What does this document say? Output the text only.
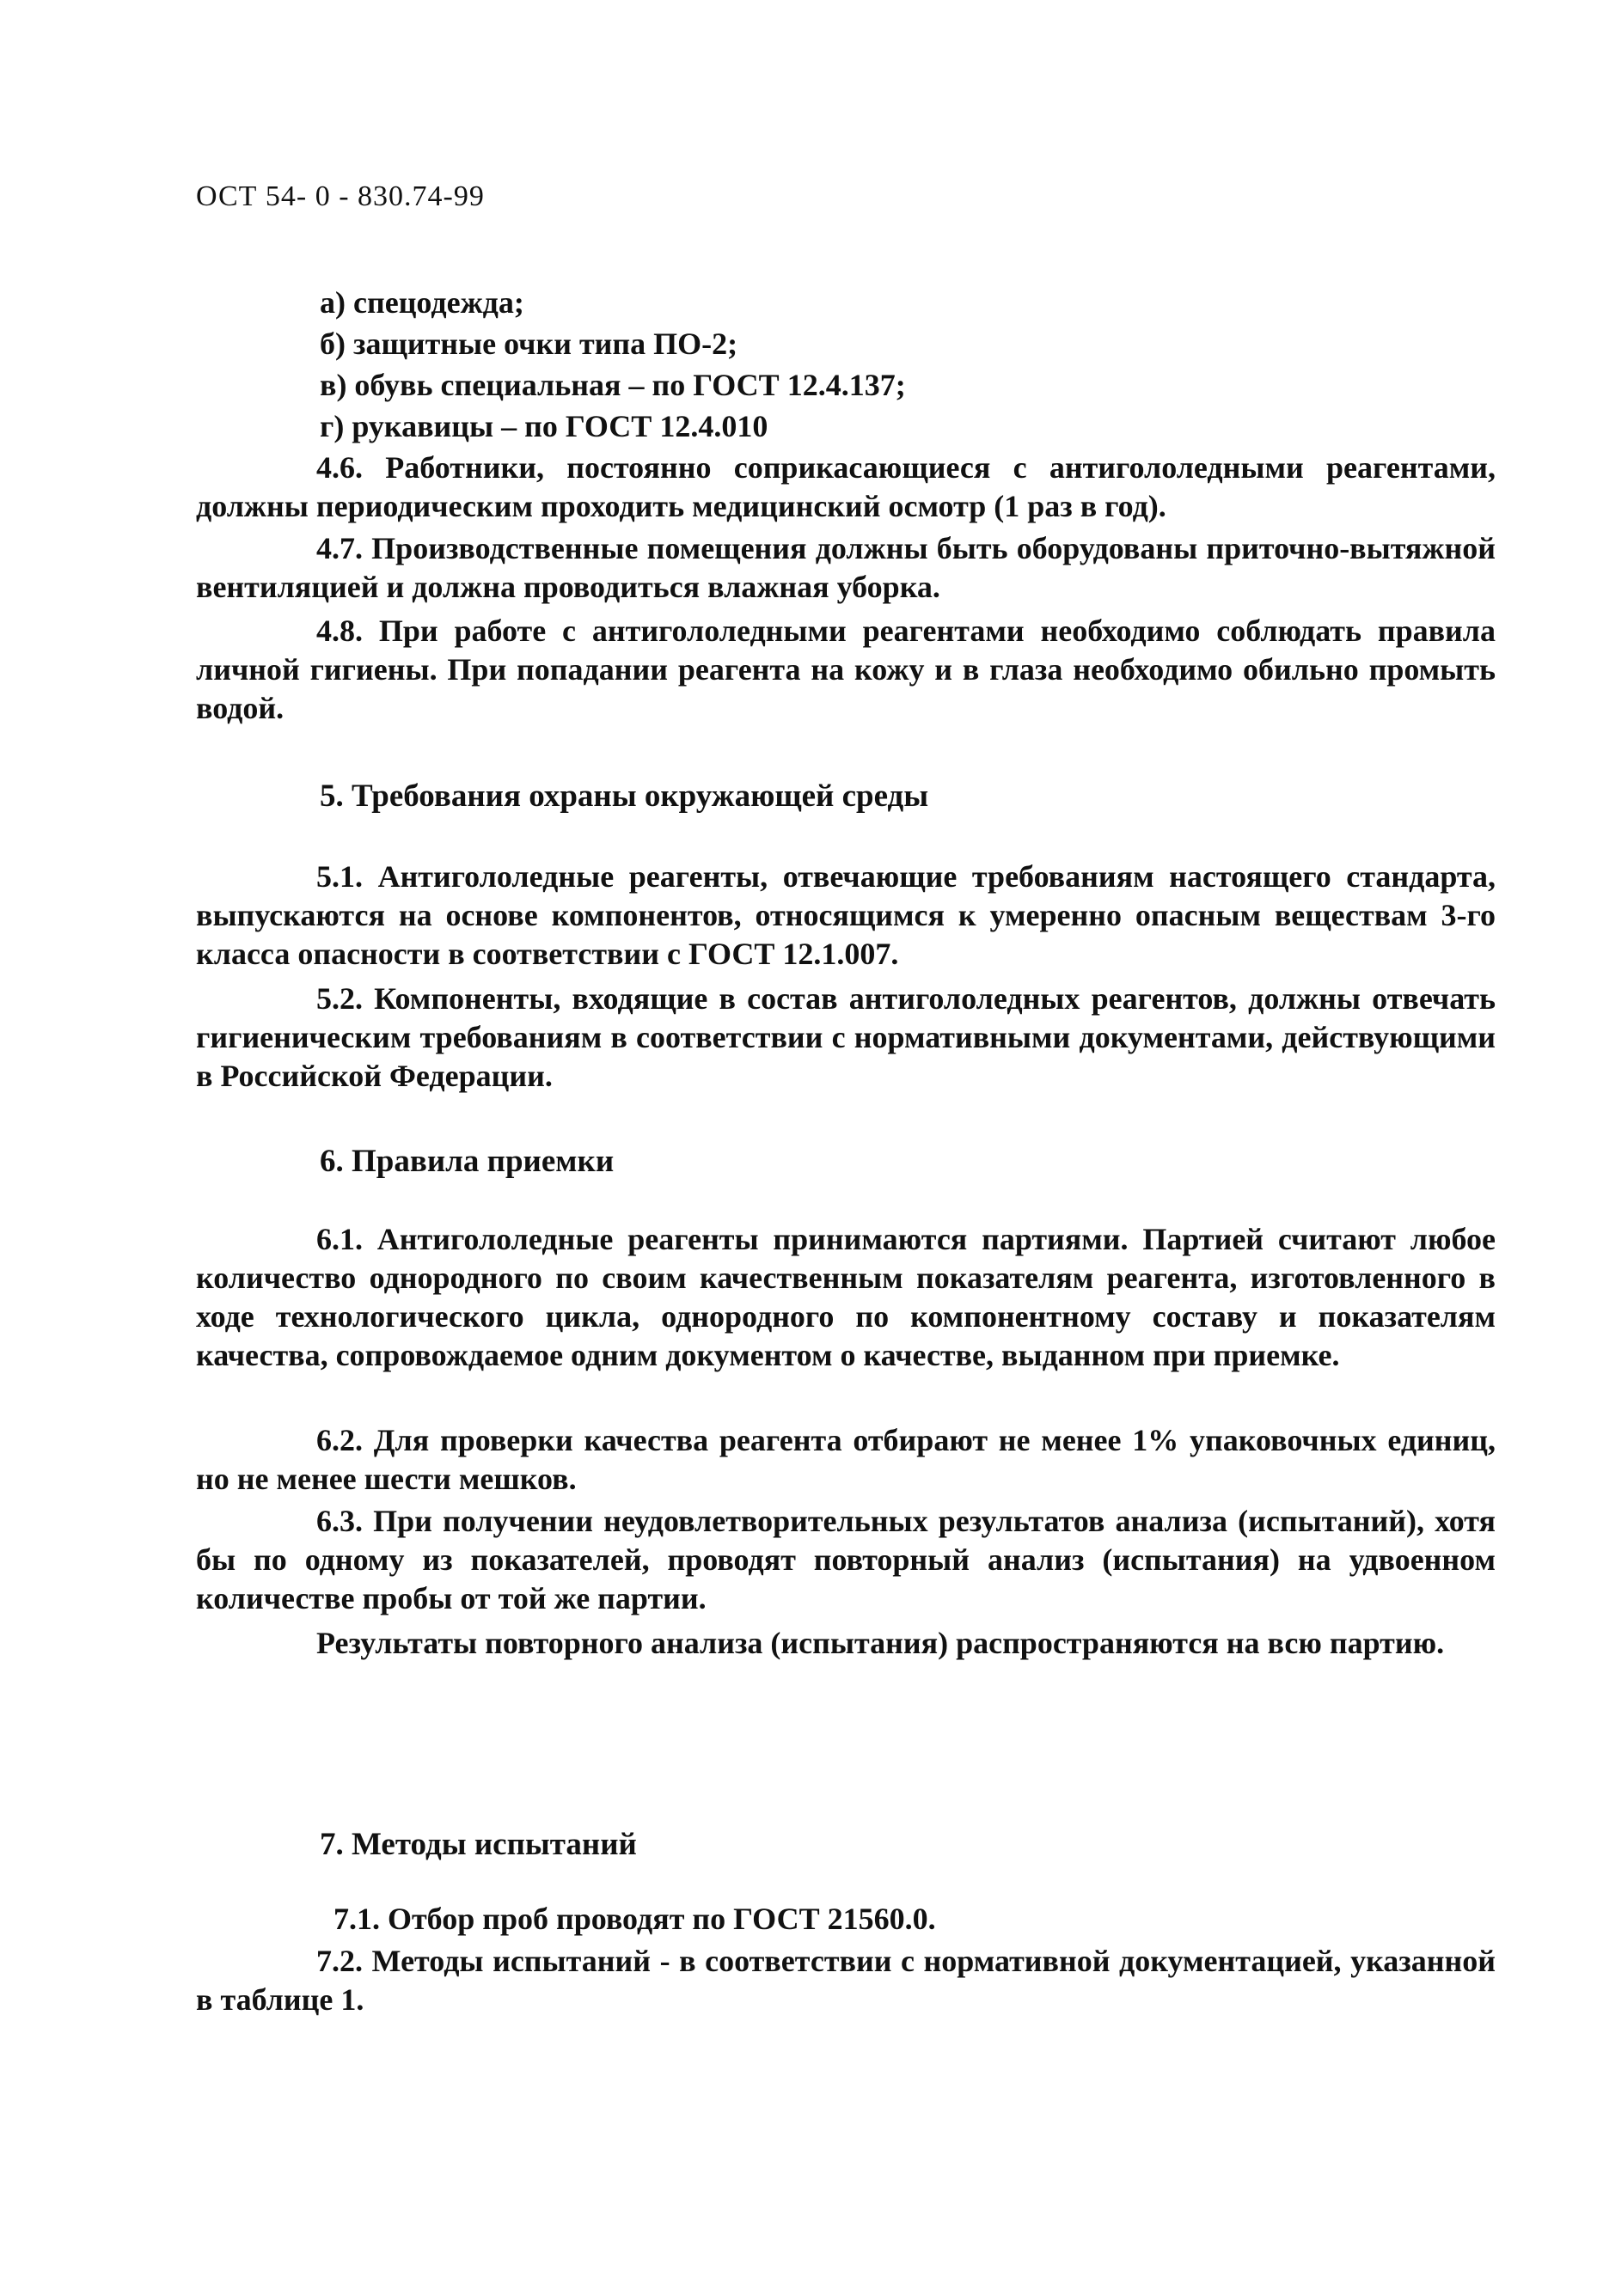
ОСТ 54- 0 - 830.74-99
а) спецодежда;
б) защитные очки типа ПО-2;
в) обувь специальная – по ГОСТ 12.4.137;
г) рукавицы – по ГОСТ 12.4.010
4.6. Работники, постоянно соприкасающиеся с антигололедными реагентами, должны периодическим проходить медицинский осмотр (1 раз в год).
4.7. Производственные помещения должны быть оборудованы приточно-вытяжной вентиляцией и должна проводиться влажная уборка.
4.8. При работе с антигололедными реагентами необходимо соблюдать правила личной гигиены. При попадании реагента на кожу и в глаза необходимо обильно промыть водой.
5. Требования охраны окружающей среды
5.1. Антигололедные реагенты, отвечающие требованиям настоящего стандарта, выпускаются на основе компонентов, относящимся к умеренно опасным веществам 3-го класса опасности в соответствии с ГОСТ 12.1.007.
5.2. Компоненты, входящие в состав антигололедных реагентов, должны отвечать гигиеническим требованиям в соответствии с нормативными документами, действующими в Российской Федерации.
6. Правила приемки
6.1. Антигололедные реагенты принимаются партиями. Партией считают любое количество однородного по своим качественным показателям реагента, изготовленного в ходе технологического цикла, однородного по компонентному составу и показателям качества, сопровождаемое одним документом о качестве, выданном при приемке.
6.2. Для проверки качества реагента отбирают не менее 1% упаковочных единиц, но не менее шести мешков.
6.3. При получении неудовлетворительных результатов анализа (испытаний), хотя бы по одному из показателей, проводят повторный анализ (испытания) на удвоенном количестве пробы от той же партии.
Результаты повторного анализа (испытания) распространяются на всю партию.
7. Методы испытаний
7.1. Отбор проб проводят по ГОСТ 21560.0.
7.2. Методы испытаний - в соответствии с нормативной документацией, указанной в таблице 1.
